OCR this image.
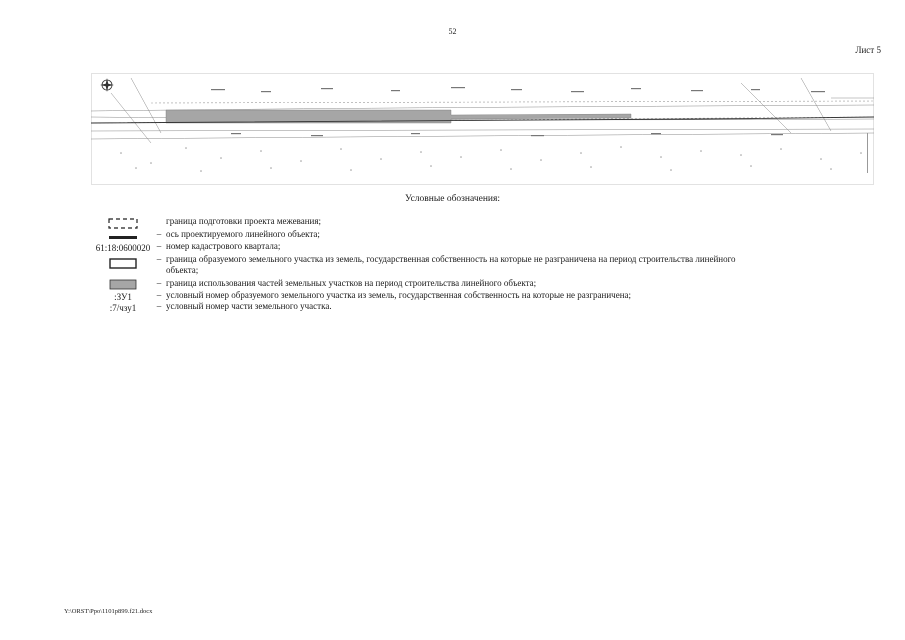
52
Лист 5
Условные обозначения:
граница подготовки проекта межевания;
– ось проектируемого линейного объекта;
61:18:0600020 – номер кадастрового квартала;
– граница образуемого земельного участка из земель, государственная собственность на которые не разграничена на период строительства линейного объекта;
– граница использования частей земельных участков на период строительства линейного объекта;
:ЗУ1	– условный номер образуемого земельного участка из земель, государственная собственность на которые не разграничена;
:7/чзу1	– условный номер части земельного участка.
Y:\ORST\Ppo\1101p899.f21.docx
